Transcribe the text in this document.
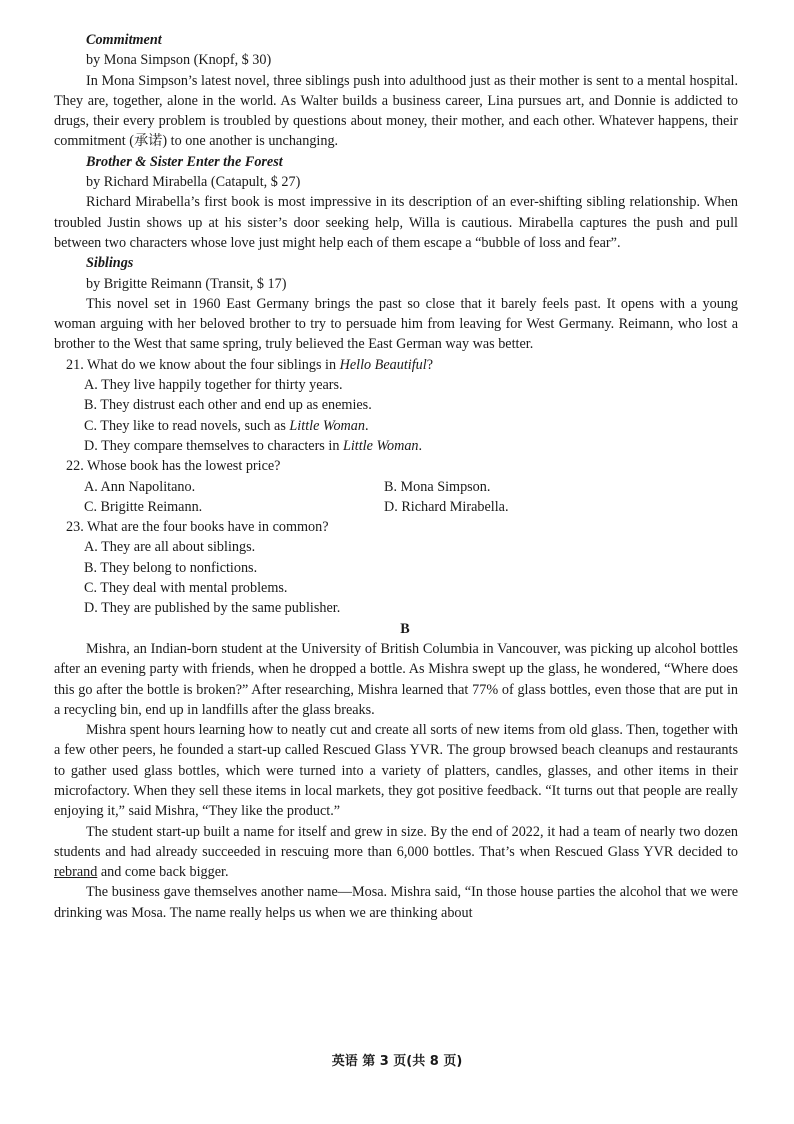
Commitment
by Mona Simpson (Knopf, $ 30)

In Mona Simpson’s latest novel, three siblings push into adulthood just as their mother is sent to a mental hospital. They are, together, alone in the world. As Walter builds a business career, Lina pursues art, and Donnie is addicted to drugs, their every problem is troubled by questions about money, their mother, and each other. Whatever happens, their commitment (承诺) to one another is unchanging.

Brother & Sister Enter the Forest
by Richard Mirabella (Catapult, $ 27)

Richard Mirabella’s first book is most impressive in its description of an ever-shifting sibling relationship. When troubled Justin shows up at his sister’s door seeking help, Willa is cautious. Mirabella captures the push and pull between two characters whose love just might help each of them escape a “bubble of loss and fear”.

Siblings
by Brigitte Reimann (Transit, $ 17)

This novel set in 1960 East Germany brings the past so close that it barely feels past. It opens with a young woman arguing with her beloved brother to try to persuade him from leaving for West Germany. Reimann, who lost a brother to the West that same spring, truly believed the East German way was better.

21. What do we know about the four siblings in Hello Beautiful?
A. They live happily together for thirty years.
B. They distrust each other and end up as enemies.
C. They like to read novels, such as Little Woman.
D. They compare themselves to characters in Little Woman.
22. Whose book has the lowest price?
A. Ann Napolitano.	B. Mona Simpson.
C. Brigitte Reimann.	D. Richard Mirabella.
23. What are the four books have in common?
A. They are all about siblings.
B. They belong to nonfictions.
C. They deal with mental problems.
D. They are published by the same publisher.
B

Mishra, an Indian-born student at the University of British Columbia in Vancouver, was picking up alcohol bottles after an evening party with friends, when he dropped a bottle. As Mishra swept up the glass, he wondered, “Where does this go after the bottle is broken?” After researching, Mishra learned that 77% of glass bottles, even those that are put in a recycling bin, end up in landfills after the glass breaks.

Mishra spent hours learning how to neatly cut and create all sorts of new items from old glass. Then, together with a few other peers, he founded a start-up called Rescued Glass YVR. The group browsed beach cleanups and restaurants to gather used glass bottles, which were turned into a variety of platters, candles, glasses, and other items in their microfactory. When they sell these items in local markets, they got positive feedback. “It turns out that people are really enjoying it,” said Mishra, “They like the product.”

The student start-up built a name for itself and grew in size. By the end of 2022, it had a team of nearly two dozen students and had already succeeded in rescuing more than 6,000 bottles. That’s when Rescued Glass YVR decided to rebrand and come back bigger.

The business gave themselves another name—Mosa. Mishra said, “In those house parties the alcohol that we were drinking was Mosa. The name really helps us when we are thinking about

英语 第 3 页(共 8 页)
